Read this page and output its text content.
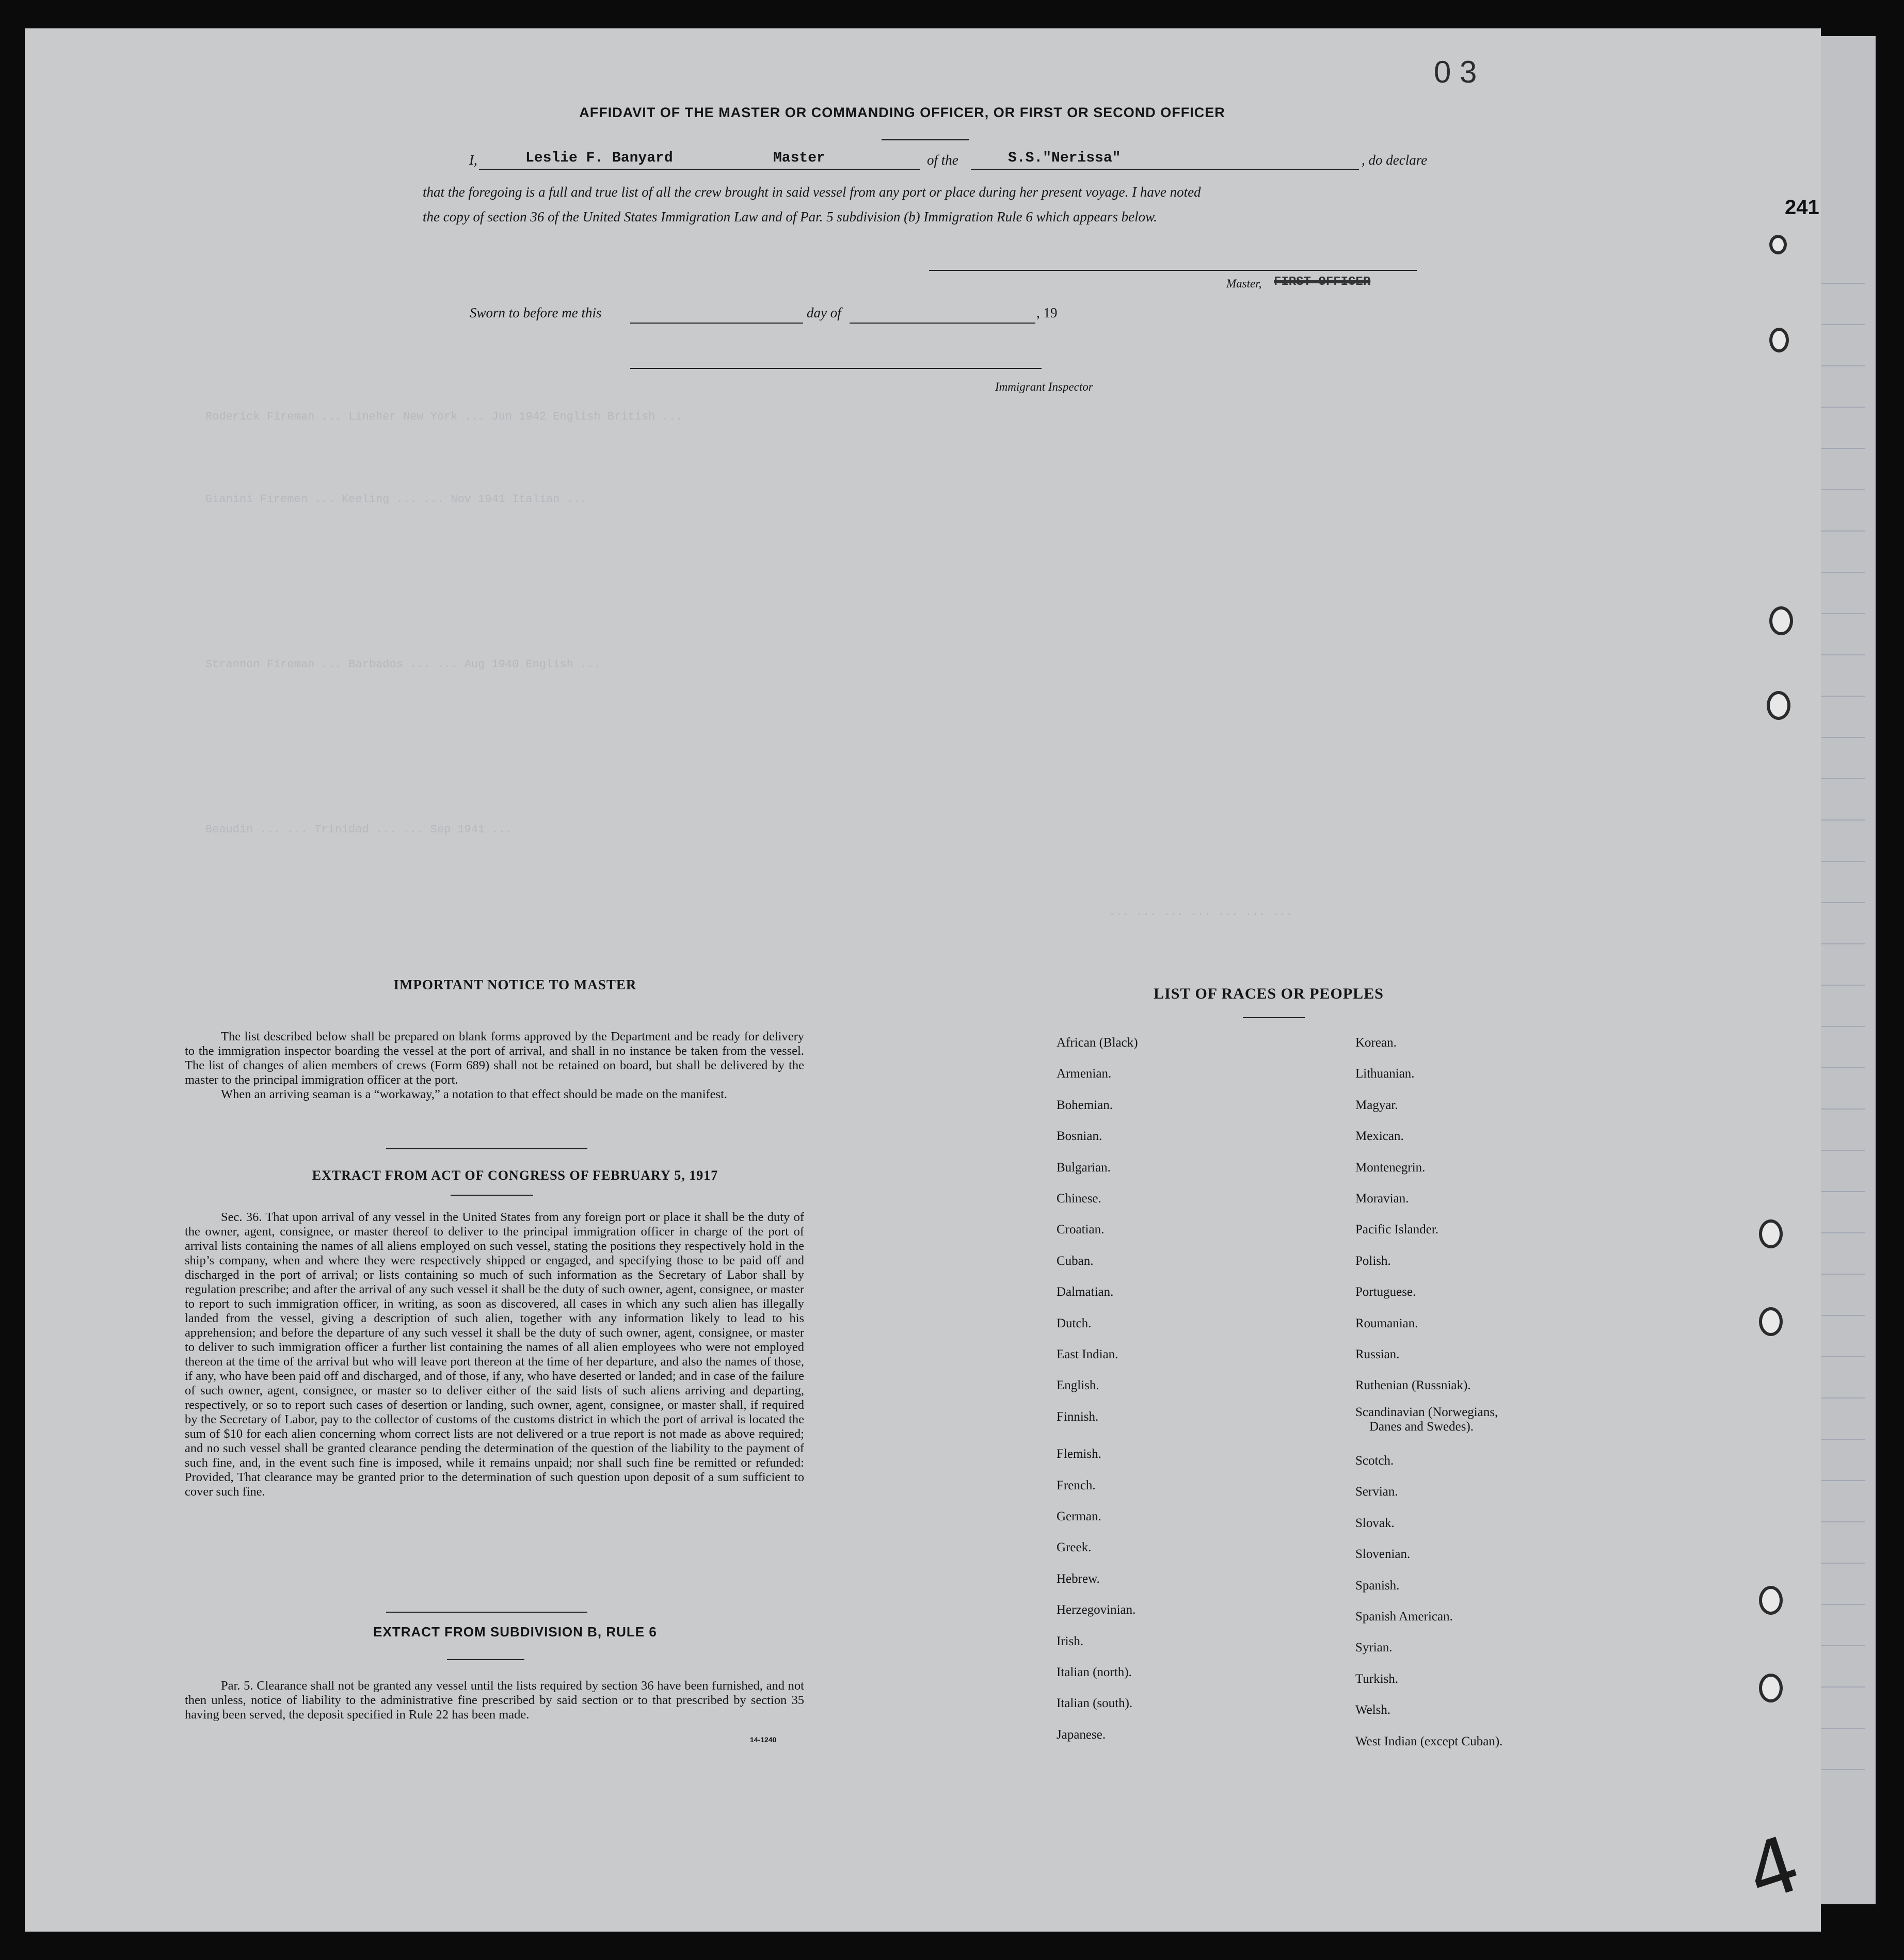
Roderick Fireman ... Lineher New York ... Jun 1942 English British ...
Gianini Firemen ... Keeling ... ... Nov 1941 Italian ...
Strannon Fireman ... Barbados ... ... Aug 1940 English ...
Beaudin ... ... Trinidad ... ... Sep 1941 ...
... ... ... ... ... ... ...
0 3
241
AFFIDAVIT OF THE MASTER OR COMMANDING OFFICER, OR FIRST OR SECOND OFFICER
I,	Leslie F. Banyard	Master	of the	S.S."Nerissa"	, do declare
that the foregoing is a full and true list of all the crew brought in said vessel from any port or place during her present voyage. I have noted
the copy of section 36 of the United States Immigration Law and of Par. 5 subdivision (b) Immigration Rule 6 which appears below.
Master, FIRST OFFICER
Sworn to before me this	day of	, 19
Immigrant Inspector
IMPORTANT NOTICE TO MASTER

The list described below shall be prepared on blank forms approved by the Department and be ready for delivery to the immigration inspector boarding the vessel at the port of arrival, and shall in no instance be taken from the vessel. The list of changes of alien members of crews (Form 689) shall not be retained on board, but shall be delivered by the master to the principal immigration officer at the port.

When an arriving seaman is a “workaway,” a notation to that effect should be made on the manifest.

EXTRACT FROM ACT OF CONGRESS OF FEBRUARY 5, 1917

Sec. 36. That upon arrival of any vessel in the United States from any foreign port or place it shall be the duty of the owner, agent, consignee, or master thereof to deliver to the principal immigration officer in charge of the port of arrival lists containing the names of all aliens employed on such vessel, stating the positions they respectively hold in the ship’s company, when and where they were respectively shipped or engaged, and specifying those to be paid off and discharged in the port of arrival; or lists containing so much of such information as the Secretary of Labor shall by regulation prescribe; and after the arrival of any such vessel it shall be the duty of such owner, agent, consignee, or master to report to such immigration officer, in writing, as soon as discovered, all cases in which any such alien has illegally landed from the vessel, giving a description of such alien, together with any information likely to lead to his apprehension; and before the departure of any such vessel it shall be the duty of such owner, agent, consignee, or master to deliver to such immigration officer a further list containing the names of all alien employees who were not employed thereon at the time of the arrival but who will leave port thereon at the time of her departure, and also the names of those, if any, who have been paid off and discharged, and of those, if any, who have deserted or landed; and in case of the failure of such owner, agent, consignee, or master so to deliver either of the said lists of such aliens arriving and departing, respectively, or so to report such cases of desertion or landing, such owner, agent, consignee, or master shall, if required by the Secretary of Labor, pay to the collector of customs of the customs district in which the port of arrival is located the sum of $10 for each alien concerning whom correct lists are not delivered or a true report is not made as above required; and no such vessel shall be granted clearance pending the determination of the question of the liability to the payment of such fine, and, in the event such fine is imposed, while it remains unpaid; nor shall such fine be remitted or refunded: Provided, That clearance may be granted prior to the determination of such question upon deposit of a sum sufficient to cover such fine.

EXTRACT FROM SUBDIVISION B, RULE 6

Par. 5. Clearance shall not be granted any vessel until the lists required by section 36 have been furnished, and not then unless, notice of liability to the administrative fine prescribed by said section or to that prescribed by section 35 having been served, the deposit specified in Rule 22 has been made.

14-1240
LIST OF RACES OR PEOPLES
African (Black)
Armenian.
Bohemian.
Bosnian.
Bulgarian.
Chinese.
Croatian.
Cuban.
Dalmatian.
Dutch.
East Indian.
English.
Finnish.
Flemish.
French.
German.
Greek.
Hebrew.
Herzegovinian.
Irish.
Italian (north).
Italian (south).
Japanese.
Korean.
Lithuanian.
Magyar.
Mexican.
Montenegrin.
Moravian.
Pacific Islander.
Polish.
Portuguese.
Roumanian.
Russian.
Ruthenian (Russniak).
Scandinavian (Norwegians,
Danes and Swedes).
Scotch.
Servian.
Slovak.
Slovenian.
Spanish.
Spanish American.
Syrian.
Turkish.
Welsh.
West Indian (except Cuban).
4
